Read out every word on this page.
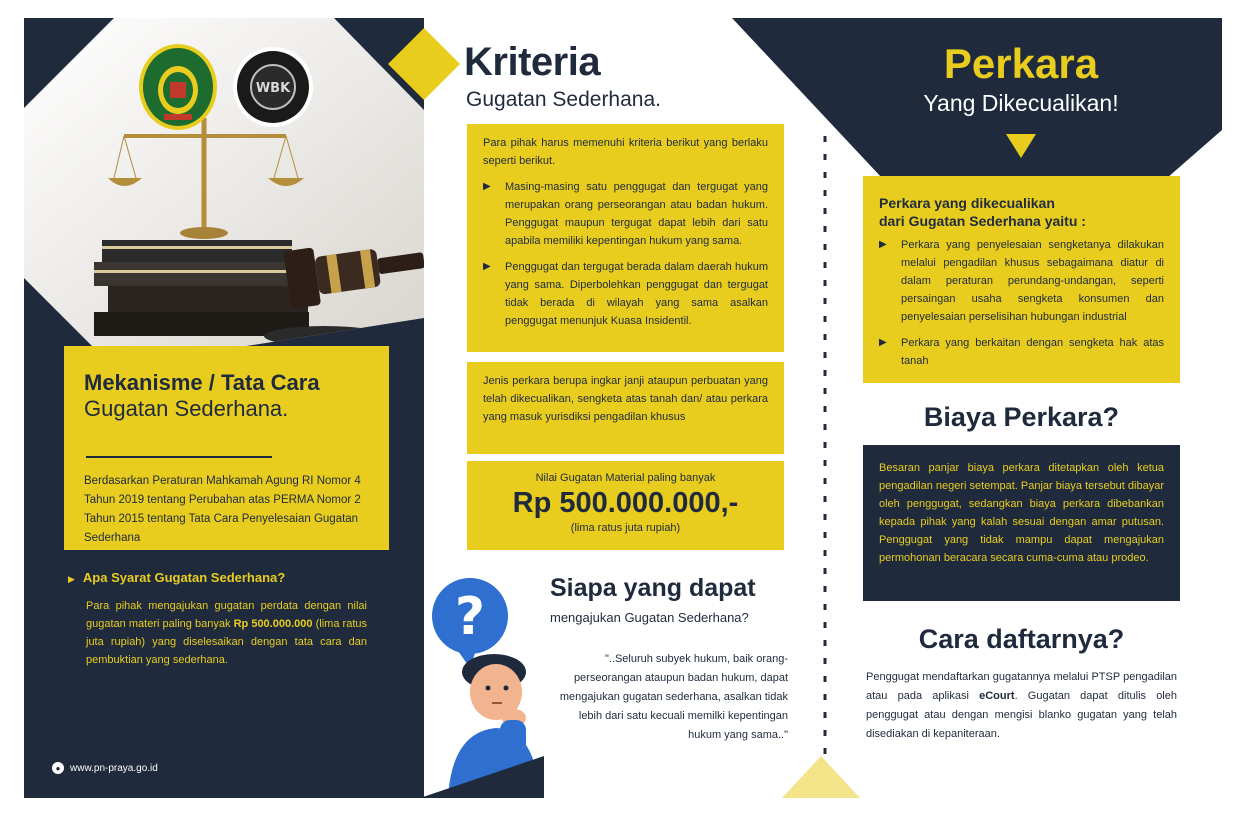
WBK
Mekanisme / Tata Cara
Gugatan Sederhana.

Berdasarkan Peraturan Mahkamah Agung RI Nomor 4 Tahun 2019 tentang Perubahan atas PERMA Nomor 2 Tahun 2015 tentang Tata Cara Penyelesaian Gugatan Sederhana

▶ Apa Syarat Gugatan Sederhana?

Para pihak mengajukan gugatan perdata dengan nilai gugatan materi paling banyak Rp 500.000.000 (lima ratus juta rupiah) yang diselesaikan dengan tata cara dan pembuktian yang sederhana.

● www.pn-praya.go.id
Kriteria
Gugatan Sederhana.

Para pihak harus memenuhi kriteria berikut yang berlaku seperti berikut.

▶	Masing-masing satu penggugat dan tergugat yang merupakan orang perseorangan atau badan hukum. Penggugat maupun tergugat dapat lebih dari satu apabila memiliki kepentingan hukum yang sama.

▶	Penggugat dan tergugat berada dalam daerah hukum yang sama. Diperbolehkan penggugat dan tergugat tidak berada di wilayah yang sama asalkan penggugat menunjuk Kuasa Insidentil.

Jenis perkara berupa ingkar janji ataupun perbuatan yang telah dikecualikan, sengketa atas tanah dan/ atau perkara yang masuk yurisdiksi pengadilan khusus

Nilai Gugatan Material paling banyak
Rp 500.000.000,-
(lima ratus juta rupiah)
?	Siapa yang dapat
mengajukan Gugatan Sederhana?

"..Seluruh subyek hukum, baik orang-perseorangan ataupun badan hukum, dapat mengajukan gugatan sederhana, asalkan tidak lebih dari satu kecuali memilki kepentingan hukum yang sama.."

Perkara
Yang Dikecualikan!
Perkara yang dikecualikan
dari Gugatan Sederhana yaitu :
▶	Perkara yang penyelesaian sengketanya dilakukan melalui pengadilan khusus sebagaimana diatur di dalam peraturan perundang-undangan, seperti persaingan usaha sengketa konsumen dan penyelesaian perselisihan hubungan industrial

▶	Perkara yang berkaitan dengan sengketa hak atas tanah

Biaya Perkara?

Besaran panjar biaya perkara ditetapkan oleh ketua pengadilan negeri setempat. Panjar biaya tersebut dibayar oleh penggugat, sedangkan biaya perkara dibebankan kepada pihak yang kalah sesuai dengan amar putusan. Penggugat yang tidak mampu dapat mengajukan permohonan beracara secara cuma-cuma atau prodeo.

Cara daftarnya?

Penggugat mendaftarkan gugatannya melalui PTSP pengadilan atau pada aplikasi eCourt. Gugatan dapat ditulis oleh penggugat atau dengan mengisi blanko gugatan yang telah disediakan di kepaniteraan.
